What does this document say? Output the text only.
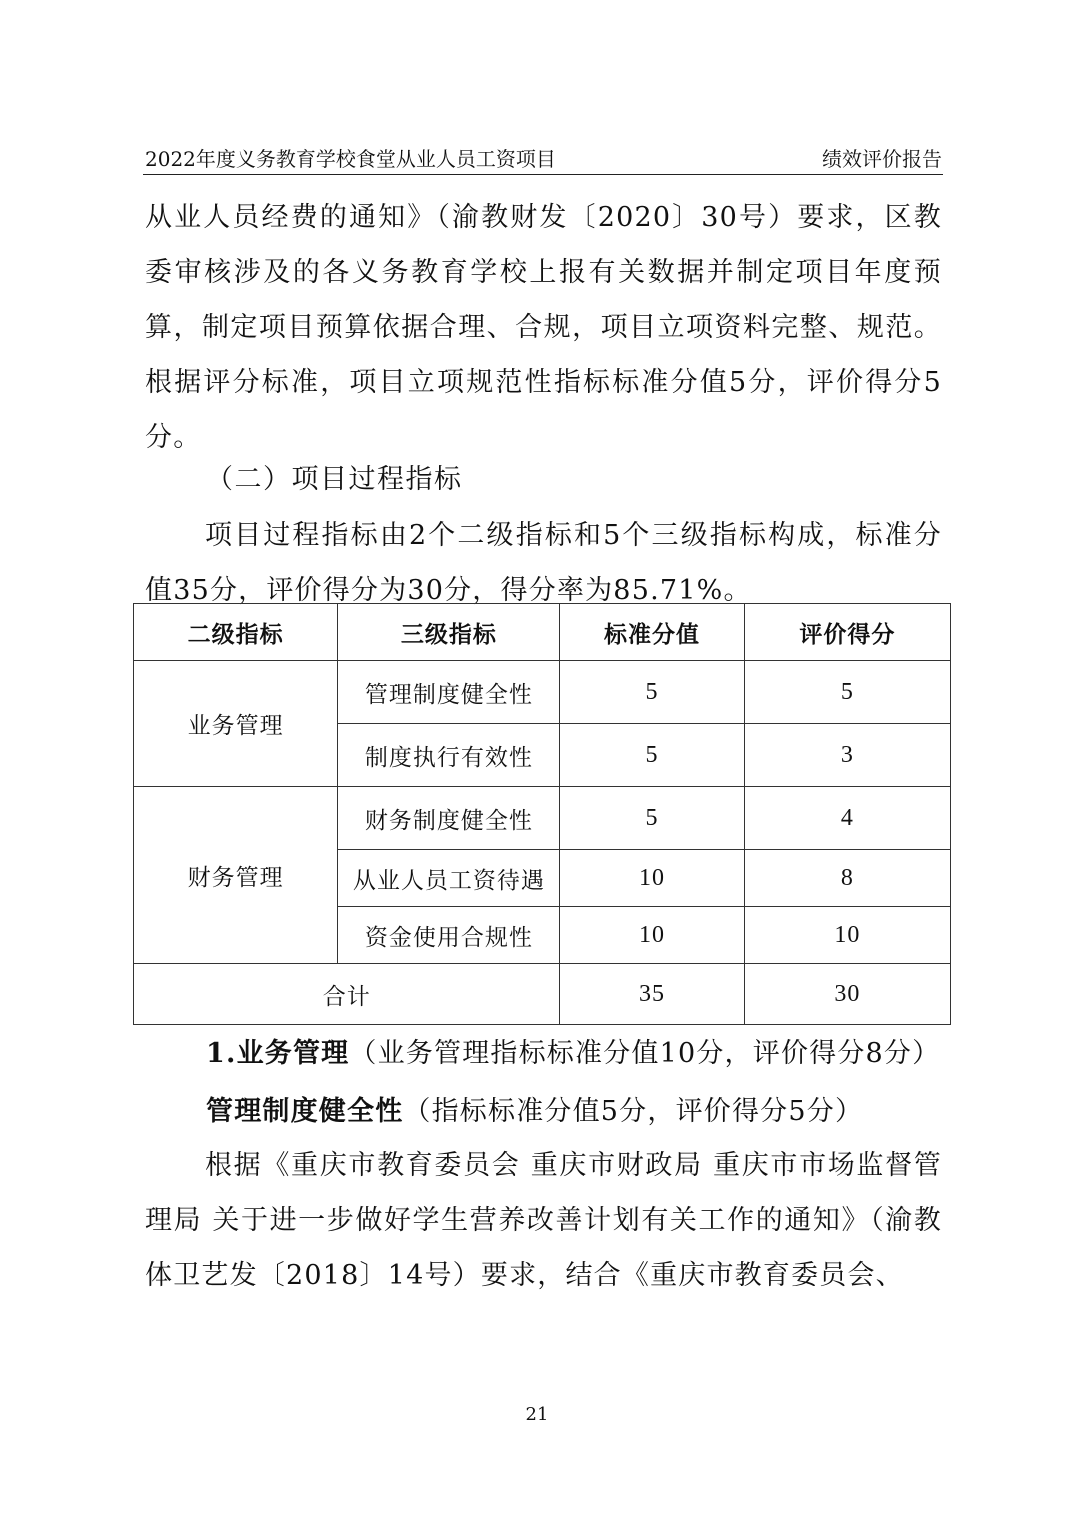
2022年度义务教育学校食堂从业人员工资项目	绩效评价报告

从业人员经费的通知》（渝教财发〔2020〕30号）要求，区教委审核涉及的各义务教育学校上报有关数据并制定项目年度预算，制定项目预算依据合理、合规，项目立项资料完整、规范。根据评分标准，项目立项规范性指标标准分值5分，评价得分5分。

（二）项目过程指标

项目过程指标由2个二级指标和5个三级指标构成，标准分值35分，评价得分为30分，得分率为85.71%。

二级指标	三级指标	标准分值	评价得分
业务管理	管理制度健全性	5	5
	制度执行有效性	5	3
财务管理	财务制度健全性	5	4
	从业人员工资待遇	10	8
	资金使用合规性	10	10
合计		35	30
1.业务管理（业务管理指标标准分值10分，评价得分8分）
管理制度健全性（指标标准分值5分，评价得分5分）

根据《重庆市教育委员会 重庆市财政局 重庆市市场监督管理局 关于进一步做好学生营养改善计划有关工作的通知》（渝教体卫艺发〔2018〕14号）要求，结合《重庆市教育委员会、

21
